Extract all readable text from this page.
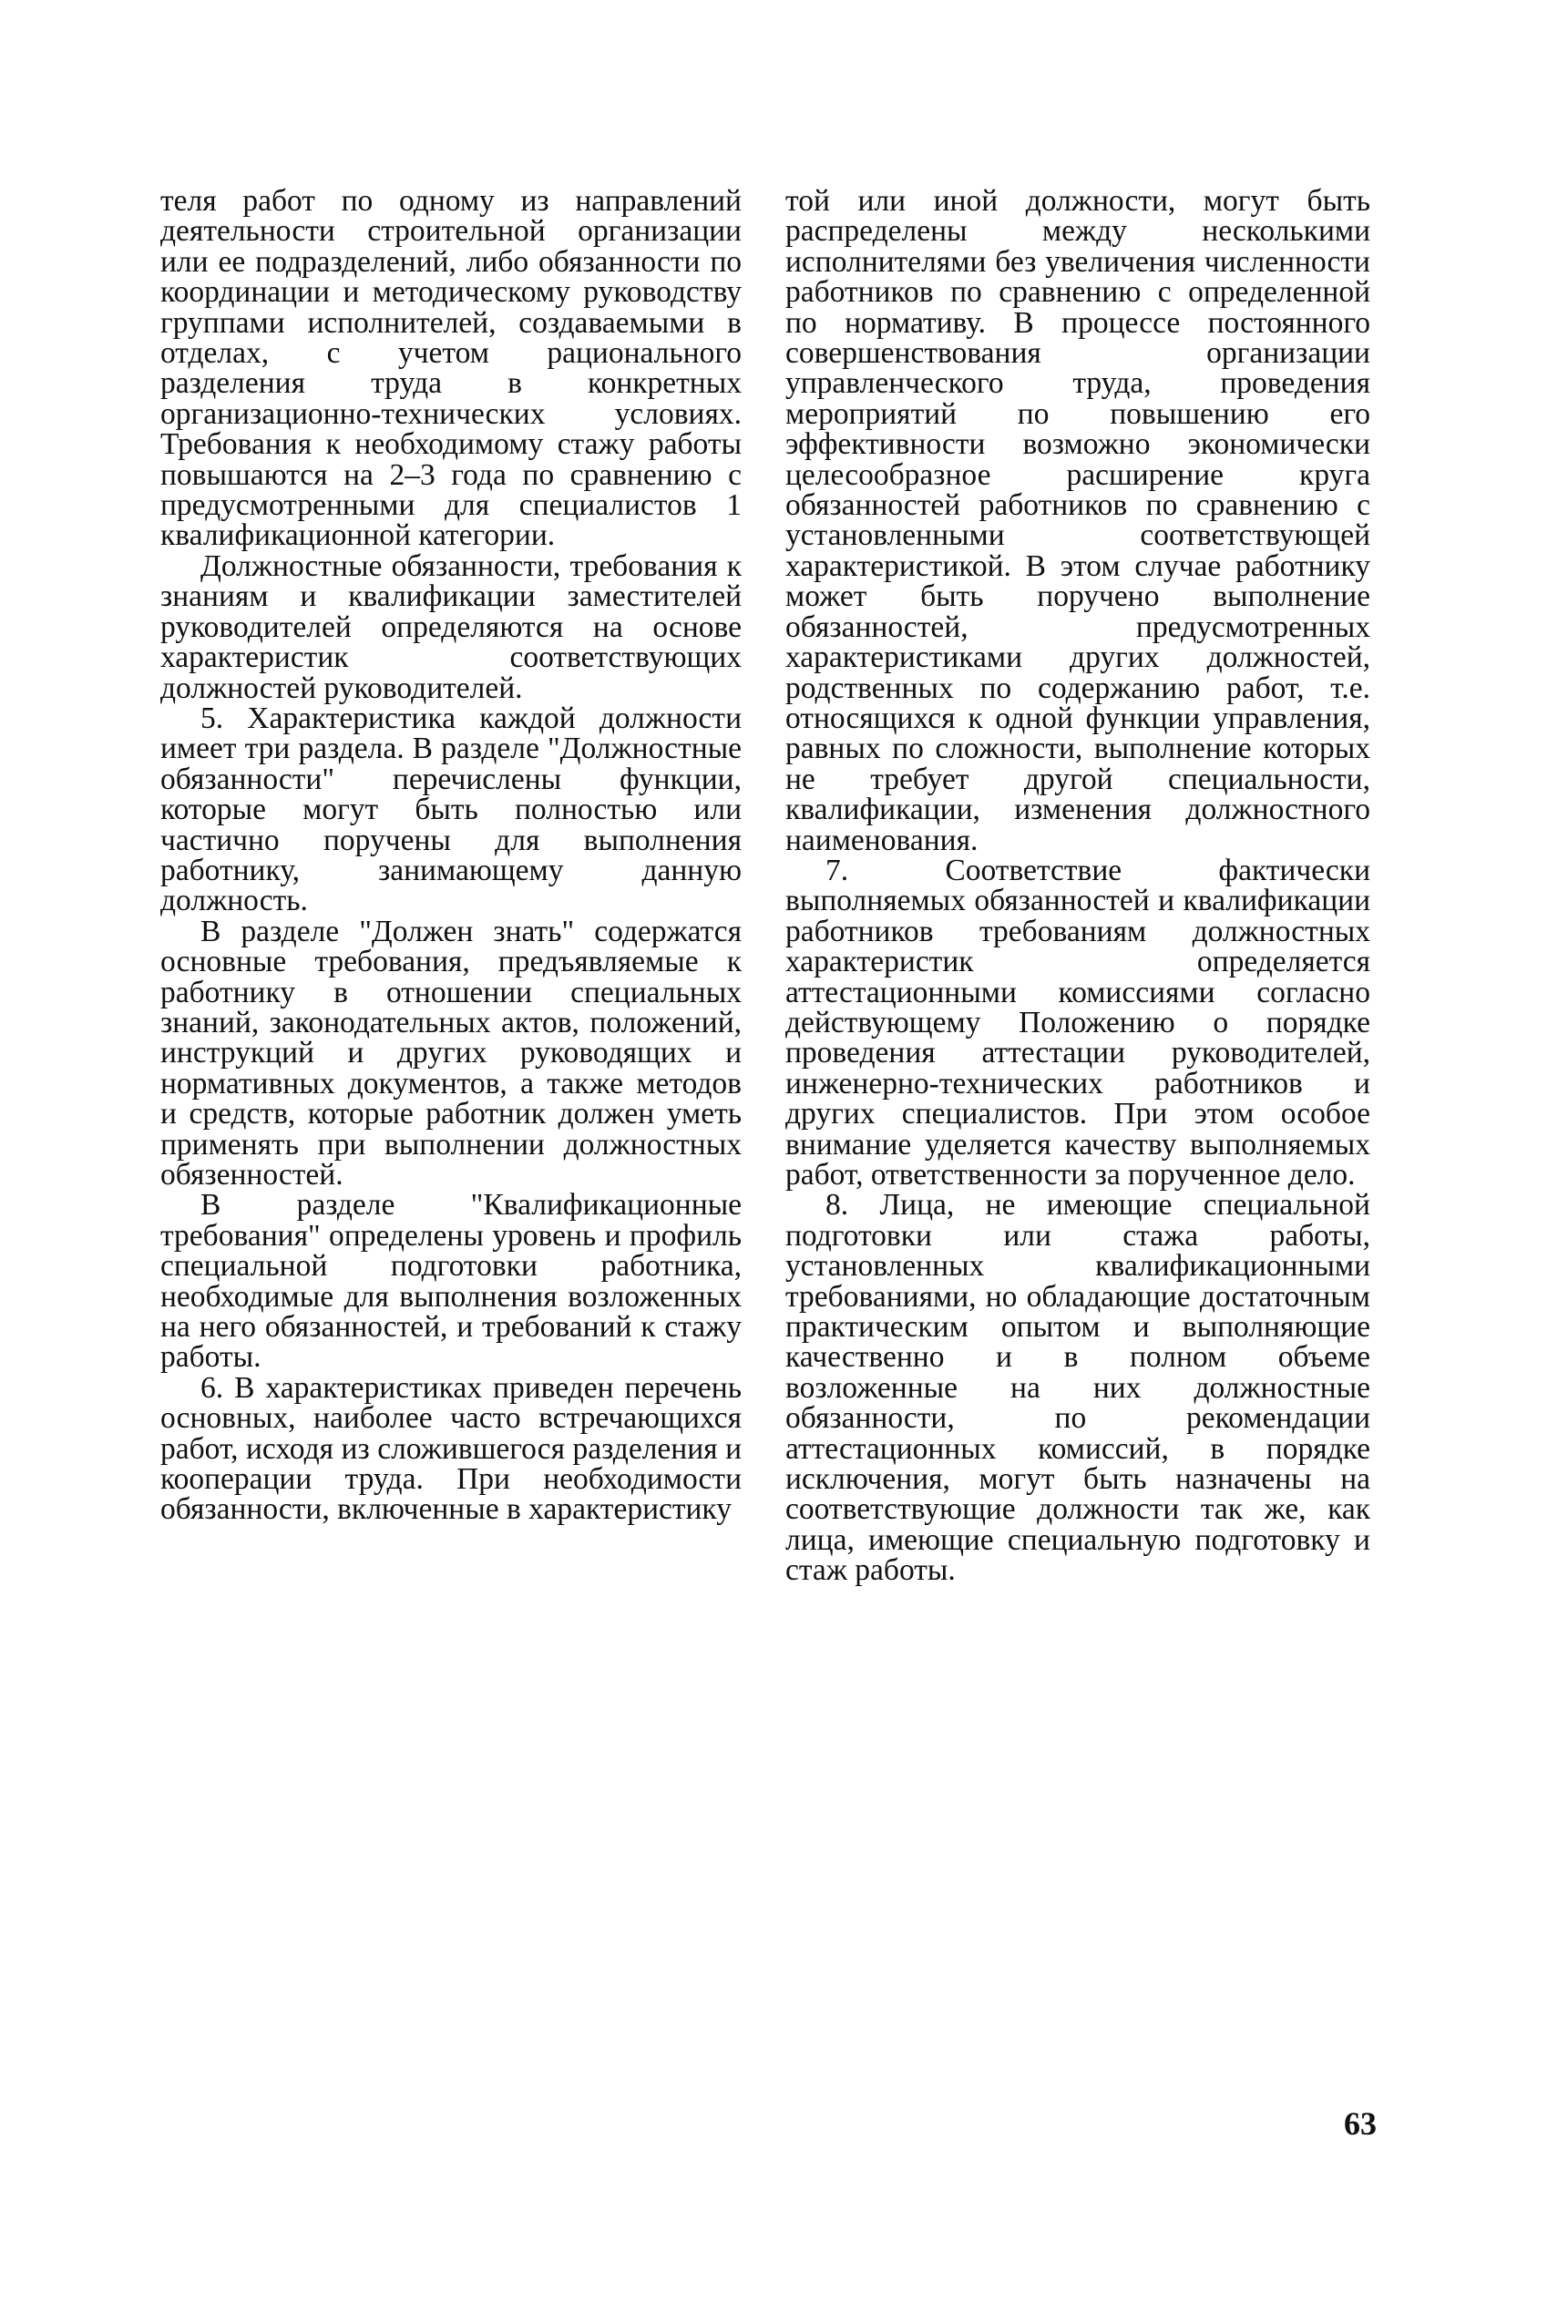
теля работ по одному из направлений деятельности строительной организации или ее подразделений, либо обязанности по координации и методическому руководству группами исполнителей, создаваемыми в отделах, с учетом рационального разделения труда в конкретных организационно-технических условиях. Требования к необходимому стажу работы повышаются на 2–3 года по сравнению с предусмотренными для специалистов 1 квалификационной категории.

Должностные обязанности, требования к знаниям и квалификации заместителей руководителей определяются на основе характеристик соответствующих должностей руководителей.

5. Характеристика каждой должности имеет три раздела. В разделе "Должностные обязанности" перечислены функции, которые могут быть полностью или частично поручены для выполнения работнику, занимающему данную должность.

В разделе "Должен знать" содержатся основные требования, предъявляемые к работнику в отношении специальных знаний, законодательных актов, положений, инструкций и других руководящих и нормативных документов, а также методов и средств, которые работник должен уметь применять при выполнении должностных обязенностей.

В разделе "Квалификационные требования" определены уровень и профиль специальной подготовки работника, необходимые для выполнения возложенных на него обязанностей, и требований к стажу работы.

6. В характеристиках приведен перечень основных, наиболее часто встречающихся работ, исходя из сложившегося разделения и кооперации труда. При необходимости обязанности, включенные в характеристику

той или иной должности, могут быть распределены между несколькими исполнителями без увеличения численности работников по сравнению с определенной по нормативу. В процессе постоянного совершенствования организации управленческого труда, проведения мероприятий по повышению его эффективности возможно экономически целесообразное расширение круга обязанностей работников по сравнению с установленными соответствующей характеристикой. В этом случае работнику может быть поручено выполнение обязанностей, предусмотренных характеристиками других должностей, родственных по содержанию работ, т.е. относящихся к одной функции управления, равных по сложности, выполнение которых не требует другой специальности, квалификации, изменения должностного наименования.

7. Соответствие фактически выполняемых обязанностей и квалификации работников требованиям должностных характеристик определяется аттестационными комиссиями согласно действующему Положению о порядке проведения аттестации руководителей, инженерно-технических работников и других специалистов. При этом особое внимание уделяется качеству выполняемых работ, ответственности за порученное дело.

8. Лица, не имеющие специальной подготовки или стажа работы, установленных квалификационными требованиями, но обладающие достаточным практическим опытом и выполняющие качественно и в полном объеме возложенные на них должностные обязанности, по рекомендации аттестационных комиссий, в порядке исключения, могут быть назначены на соответствующие должности так же, как лица, имеющие специальную подготовку и стаж работы.

63
